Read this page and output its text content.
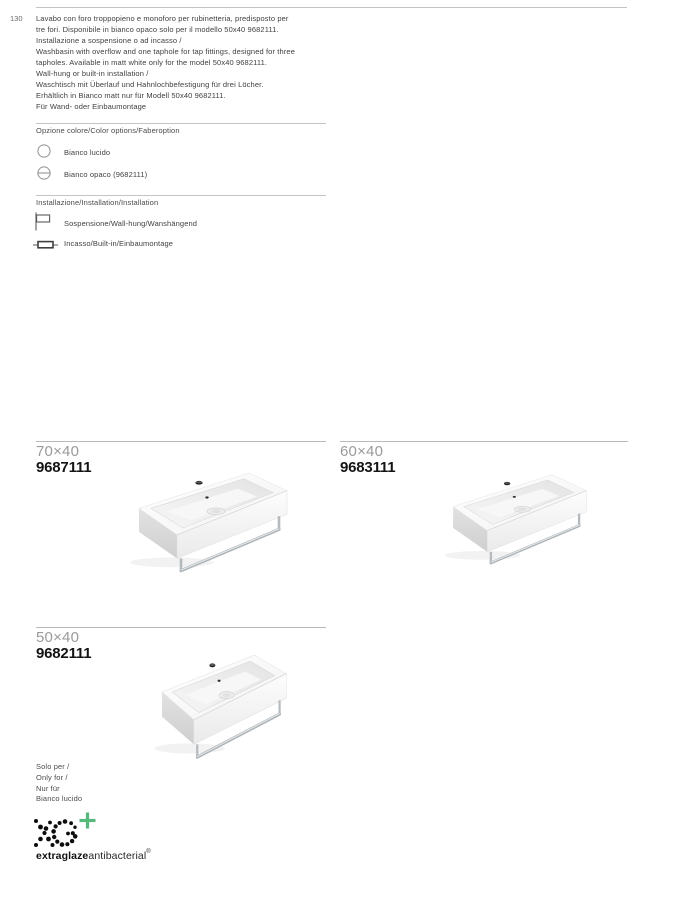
130 Lavabo con foro troppopieno e monoforo per rubinetteria, predisposto per
tre fori. Disponibile in bianco opaco solo per il modello 50x40 9682111.
Installazione a sospensione o ad incasso /
Washbasin with overflow and one taphole for tap fittings, designed for three
tapholes. Available in matt white only for the model 50x40 9682111.
Wall-hung or built-in installation /
Waschtisch mit Überlauf und Hahnlochbefestigung für drei Löcher.
Erhältlich in Bianco matt nur für Modell 50x40 9682111.
Für Wand- oder Einbaumontage
Opzione colore/Color options/Faberoption
Bianco lucido
Bianco opaco (9682111)
Installazione/Installation/Installation
Sospensione/Wall-hung/Wanshängend
Incasso/Built-in/Einbaumontage
70×40
9687111
60×40
9683111
50×40
9682111
Solo per /
Only for /
Nur für
Bianco lucido
extraglazeantibacterial®
